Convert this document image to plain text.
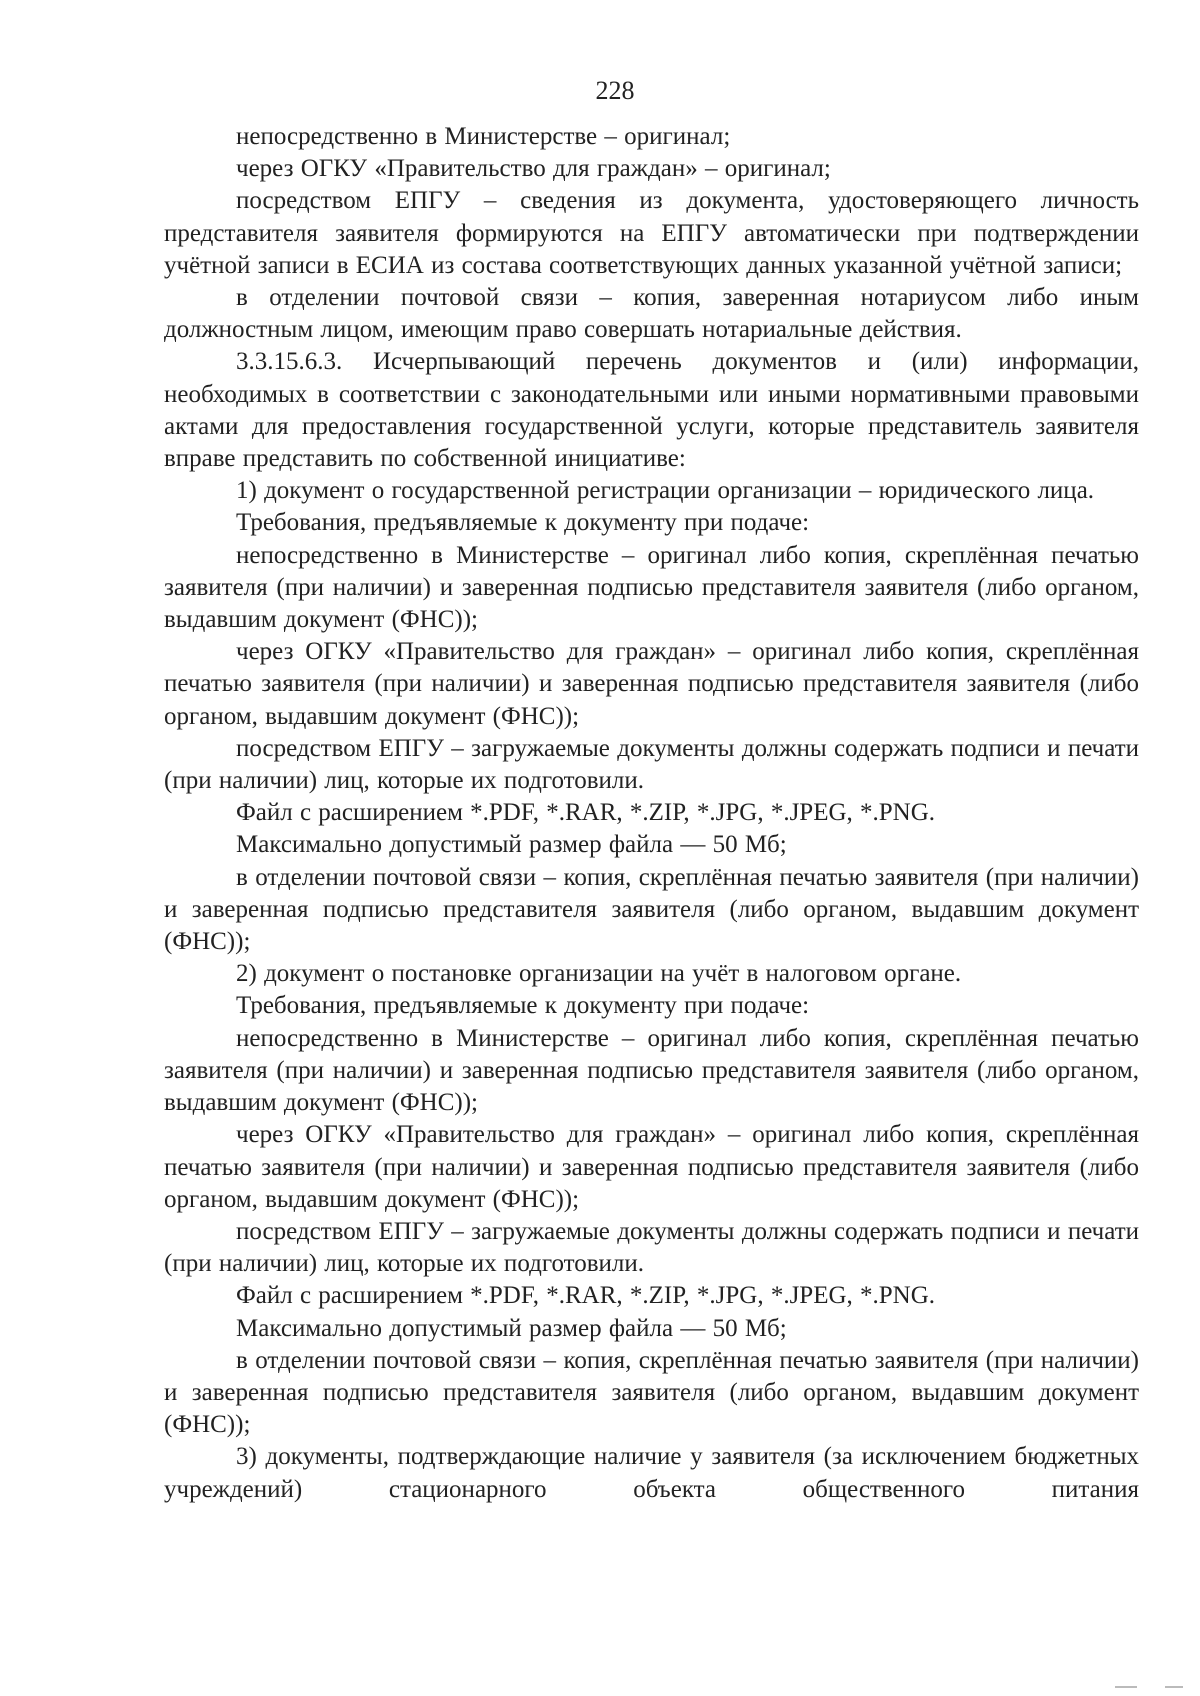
228

непосредственно в Министерстве – оригинал;

через ОГКУ «Правительство для граждан» – оригинал;

посредством ЕПГУ – сведения из документа, удостоверяющего личность представителя заявителя формируются на ЕПГУ автоматически при подтверждении учётной записи в ЕСИА из состава соответствующих данных указанной учётной записи;

в отделении почтовой связи – копия, заверенная нотариусом либо иным должностным лицом, имеющим право совершать нотариальные действия.

3.3.15.6.3. Исчерпывающий перечень документов и (или) информации, необходимых в соответствии с законодательными или иными нормативными правовыми актами для предоставления государственной услуги, которые представитель заявителя вправе представить по собственной инициативе:

1) документ о государственной регистрации организации – юридического лица.

Требования, предъявляемые к документу при подаче:

непосредственно в Министерстве – оригинал либо копия, скреплённая печатью заявителя (при наличии) и заверенная подписью представителя заявителя (либо органом, выдавшим документ (ФНС));

через ОГКУ «Правительство для граждан» – оригинал либо копия, скреплённая печатью заявителя (при наличии) и заверенная подписью представителя заявителя (либо органом, выдавшим документ (ФНС));

посредством ЕПГУ – загружаемые документы должны содержать подписи и печати (при наличии) лиц, которые их подготовили.

Файл с расширением *.PDF, *.RAR, *.ZIP, *.JPG, *.JPEG, *.PNG.

Максимально допустимый размер файла — 50 Мб;

в отделении почтовой связи – копия, скреплённая печатью заявителя (при наличии) и заверенная подписью представителя заявителя (либо органом, выдавшим документ (ФНС));

2) документ о постановке организации на учёт в налоговом органе.

Требования, предъявляемые к документу при подаче:

непосредственно в Министерстве – оригинал либо копия, скреплённая печатью заявителя (при наличии) и заверенная подписью представителя заявителя (либо органом, выдавшим документ (ФНС));

через ОГКУ «Правительство для граждан» – оригинал либо копия, скреплённая печатью заявителя (при наличии) и заверенная подписью представителя заявителя (либо органом, выдавшим документ (ФНС));

посредством ЕПГУ – загружаемые документы должны содержать подписи и печати (при наличии) лиц, которые их подготовили.

Файл с расширением *.PDF, *.RAR, *.ZIP, *.JPG, *.JPEG, *.PNG.

Максимально допустимый размер файла — 50 Мб;

в отделении почтовой связи – копия, скреплённая печатью заявителя (при наличии) и заверенная подписью представителя заявителя (либо органом, выдавшим документ (ФНС));

3) документы, подтверждающие наличие у заявителя (за исключением бюджетных учреждений) стационарного объекта общественного питания
